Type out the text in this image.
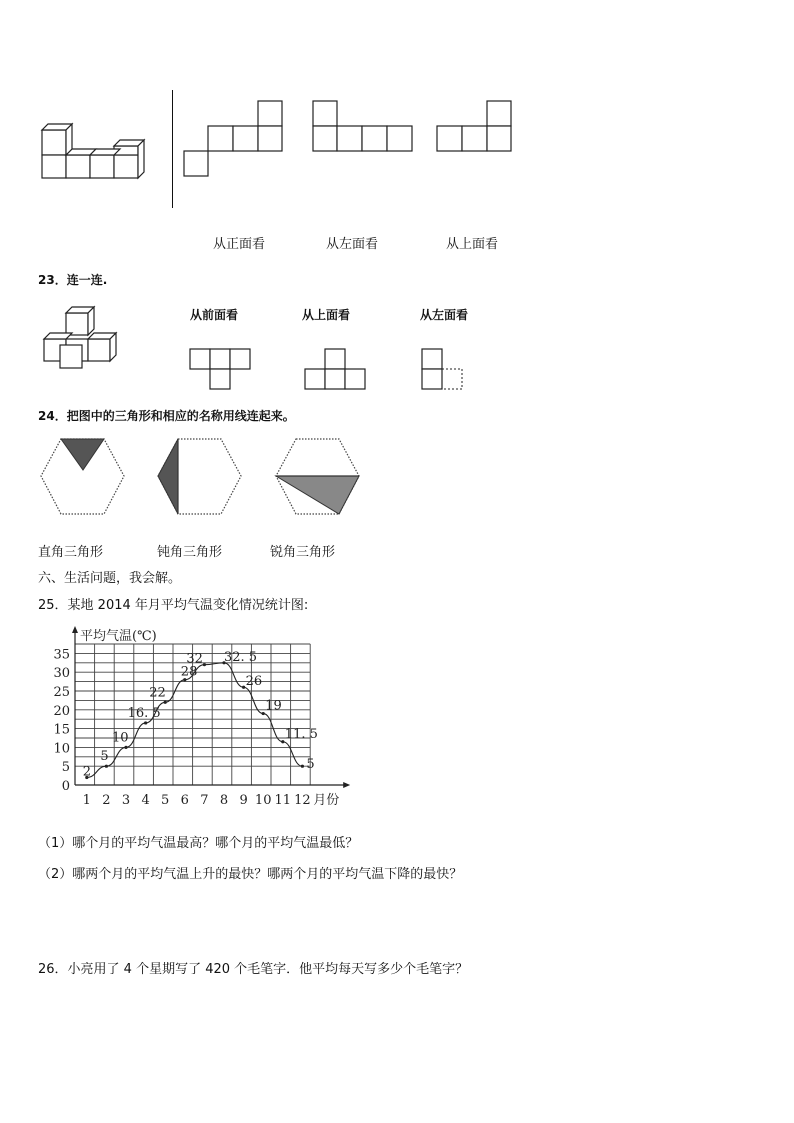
从正面看	从左面看	从上面看
23．连一连.
从前面看	从上面看	从左面看
24．把图中的三角形和相应的名称用线连起来。
直角三角形	钝角三角形	锐角三角形
六、生活问题，我会解。
25．某地 2014 年月平均气温变化情况统计图:
0
5
10
15
20
25
30
35
1 2 3 4 5 6 7 8 9 10 11 12
平均气温(℃)
月份
2
5
10
16. 5
22
28
32 32. 5
26
19
11. 5
5
（1）哪个月的平均气温最高？哪个月的平均气温最低？
（2）哪两个月的平均气温上升的最快？哪两个月的平均气温下降的最快？
26．小亮用了 4 个星期写了 420 个毛笔字．他平均每天写多少个毛笔字？
